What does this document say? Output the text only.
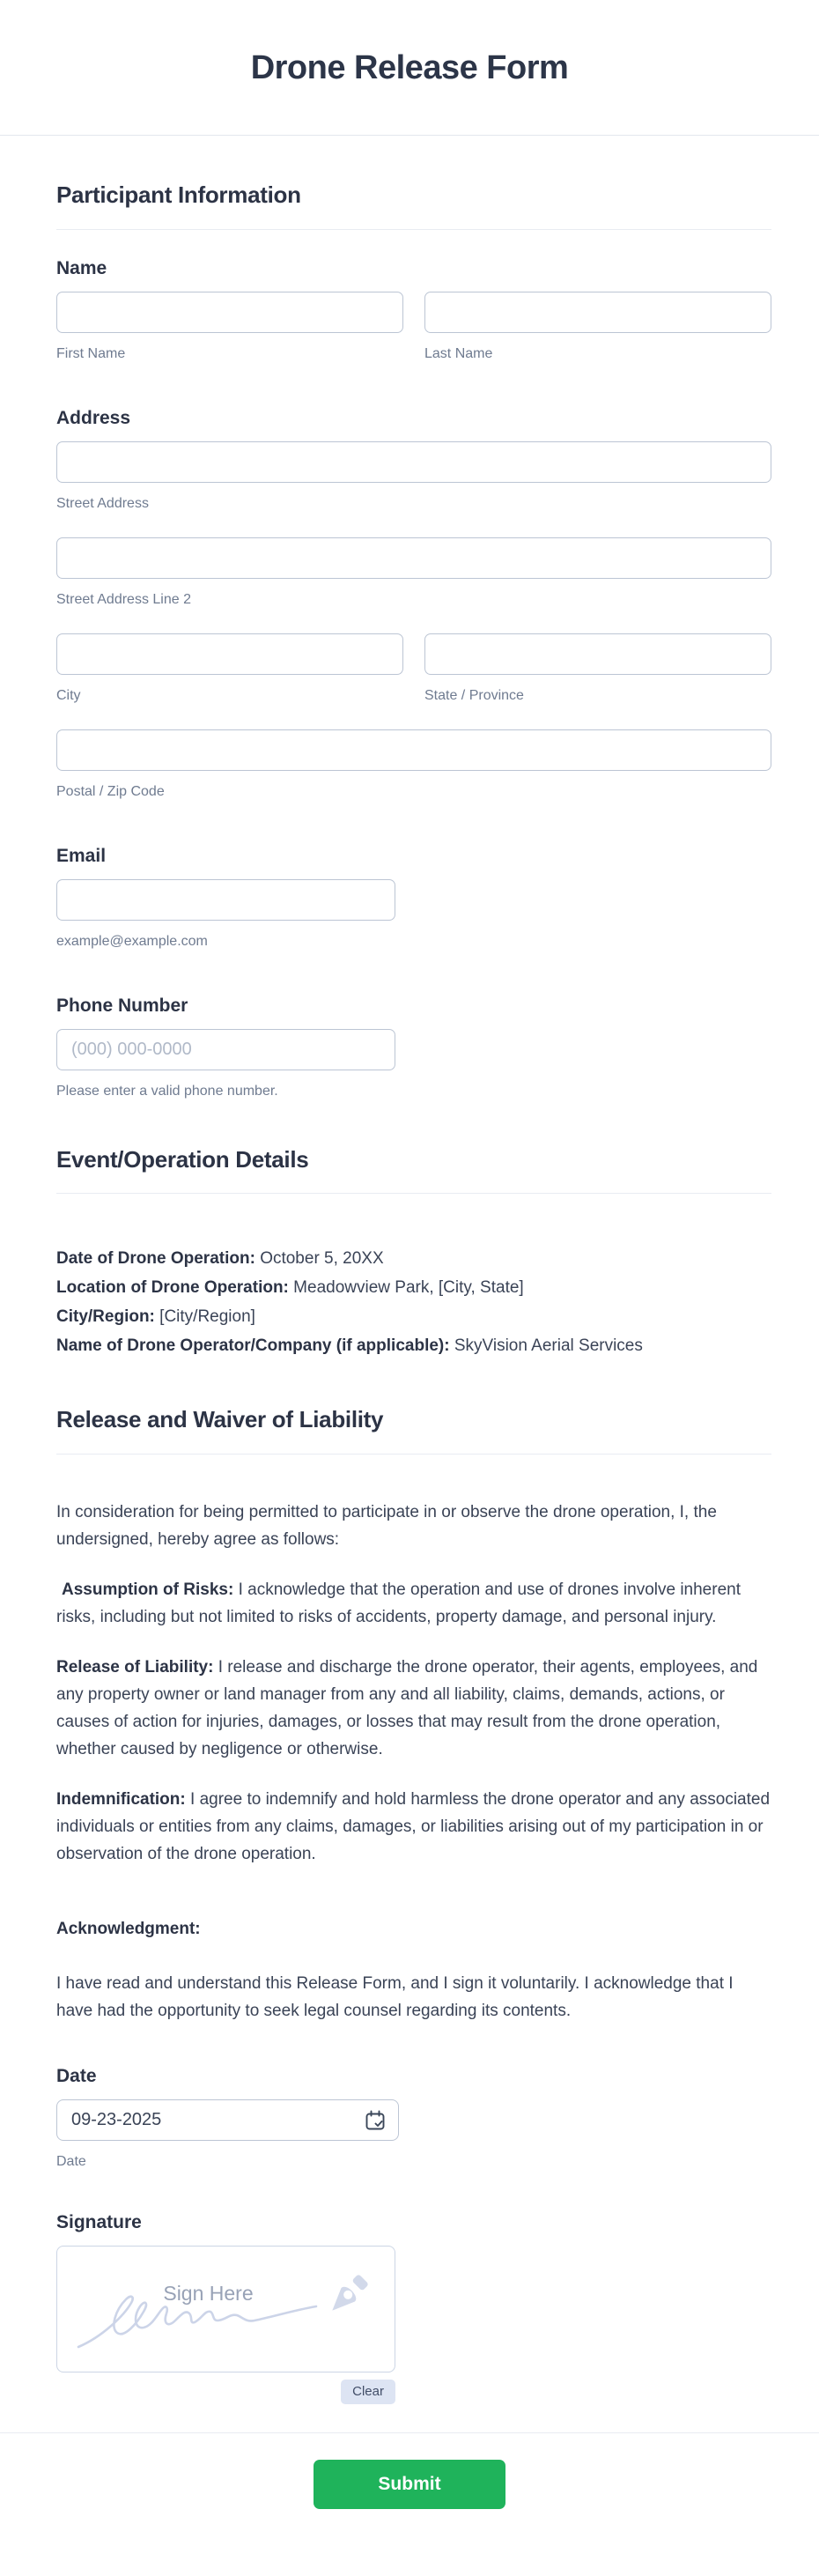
Drone Release Form
Participant Information
Name
First Name	Last Name
Address
Street Address
Street Address Line 2
City	State / Province
Postal / Zip Code
Email
example@example.com
Phone Number
(000) 000-0000
Please enter a valid phone number.
Event/Operation Details
Date of Drone Operation: October 5, 20XX
Location of Drone Operation: Meadowview Park, [City, State]
City/Region: [City/Region]
Name of Drone Operator/Company (if applicable): SkyVision Aerial Services
Release and Waiver of Liability

In consideration for being permitted to participate in or observe the drone operation, I, the undersigned, hereby agree as follows:

Assumption of Risks: I acknowledge that the operation and use of drones involve inherent risks, including but not limited to risks of accidents, property damage, and personal injury.

Release of Liability: I release and discharge the drone operator, their agents, employees, and any property owner or land manager from any and all liability, claims, demands, actions, or causes of action for injuries, damages, or losses that may result from the drone operation, whether caused by negligence or otherwise.

Indemnification: I agree to indemnify and hold harmless the drone operator and any associated individuals or entities from any claims, damages, or liabilities arising out of my participation in or observation of the drone operation.

Acknowledgment:
I have read and understand this Release Form, and I sign it voluntarily. I acknowledge that I have had the opportunity to seek legal counsel regarding its contents.
Date
09-23-2025
Date
Signature
Sign Here
Clear
Submit
